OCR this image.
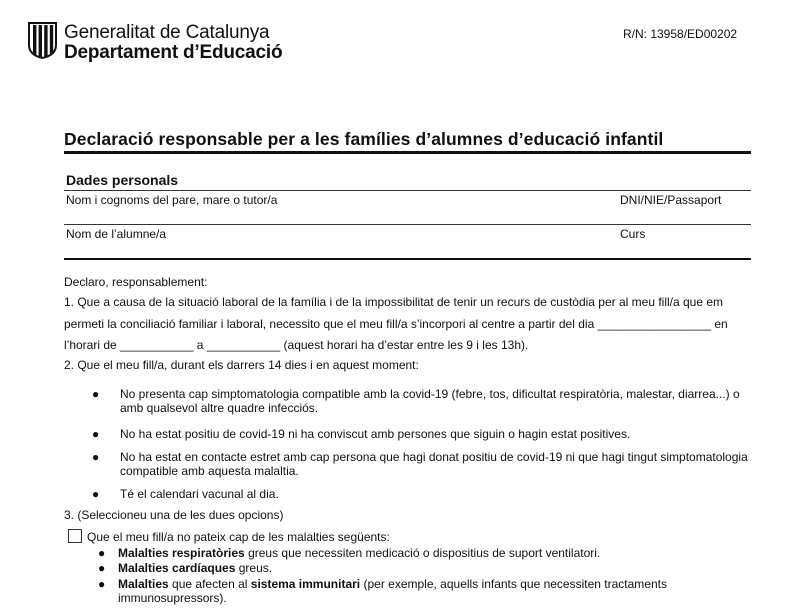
Generalitat de Catalunya
Departament d’Educació
R/N: 13958/ED00202
Declaració responsable per a les famílies d’alumnes d’educació infantil
Dades personals
Nom i cognoms del pare, mare o tutor/a	DNI/NIE/Passaport
Nom de l’alumne/a	Curs
Declaro, responsablement:
1. Que a causa de la situació laboral de la família i de la impossibilitat de tenir un recurs de custòdia per al meu fill/a que em
permeti la conciliació familiar i laboral, necessito que el meu fill/a s’incorpori al centre a partir del dia _________________ en
l’horari de ___________ a ___________ (aquest horari ha d’estar entre les 9 i les 13h).
2. Que el meu fill/a, durant els darrers 14 dies i en aquest moment:
● No presenta cap simptomatologia compatible amb la covid-19 (febre, tos, dificultat respiratòria, malestar, diarrea...) o amb qualsevol altre quadre infecciós.
● No ha estat positiu de covid-19 ni ha conviscut amb persones que siguin o hagin estat positives.
● No ha estat en contacte estret amb cap persona que hagi donat positiu de covid-19 ni que hagi tingut simptomatologia compatible amb aquesta malaltia.
● Té el calendari vacunal al dia.
3. (Seleccioneu una de les dues opcions)
Que el meu fill/a no pateix cap de les malalties següents:
● Malalties respiratòries greus que necessiten medicació o dispositius de suport ventilatori.
● Malalties cardíaques greus.
● Malalties que afecten al sistema immunitari (per exemple, aquells infants que necessiten tractaments immunosupressors).
